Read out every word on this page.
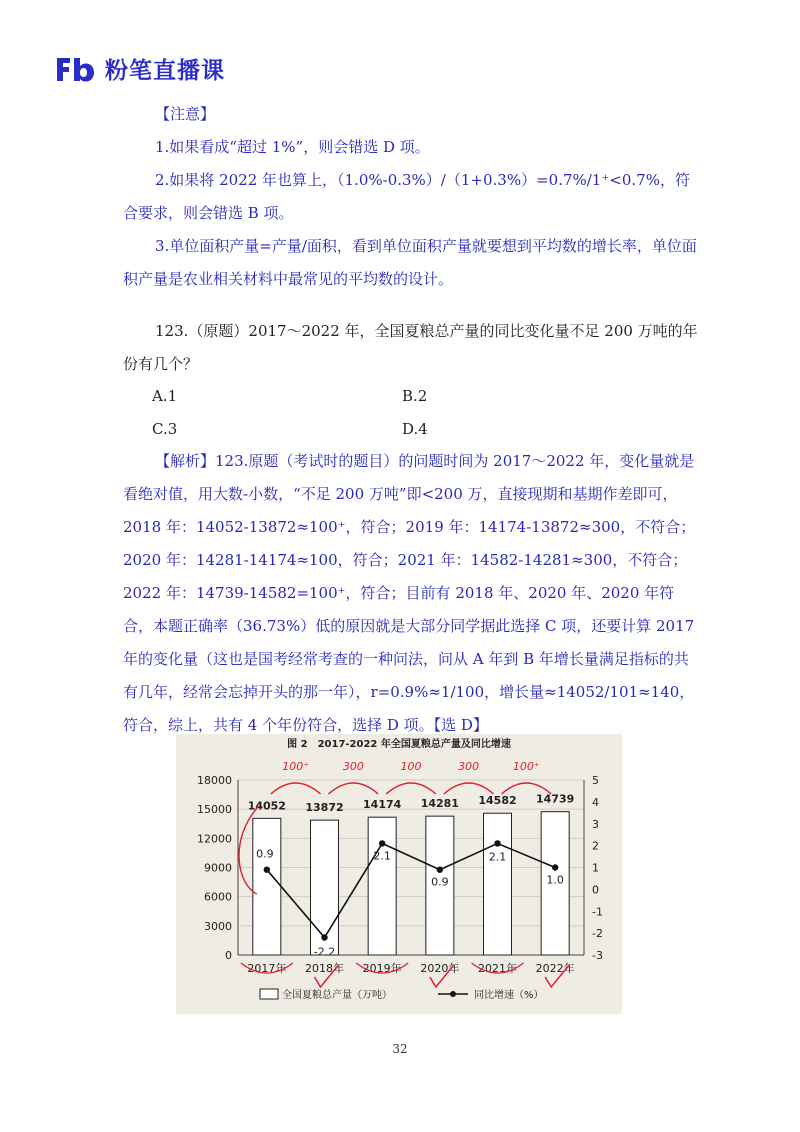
粉笔直播课
【注意】
1.如果看成“超过 1%”，则会错选 D 项。
2.如果将 2022 年也算上，（1.0%-0.3%）/（1+0.3%）=0.7%/1⁺<0.7%，符合要求，则会错选 B 项。
3.单位面积产量=产量/面积，看到单位面积产量就要想到平均数的增长率，单位面积产量是农业相关材料中最常见的平均数的设计。
123.（原题）2017～2022 年，全国夏粮总产量的同比变化量不足 200 万吨的年份有几个？
A.1	B.2
C.3	D.4
【解析】123.原题（考试时的题目）的问题时间为 2017～2022 年，变化量就是看绝对值，用大数-小数，“不足 200 万吨”即<200 万，直接现期和基期作差即可，2018 年：14052-13872≈100⁺，符合；2019 年：14174-13872≈300，不符合；2020 年：14281-14174≈100，符合；2021 年：14582-14281≈300，不符合；2022 年：14739-14582=100⁺，符合；目前有 2018 年、2020 年、2020 年符合，本题正确率（36.73%）低的原因就是大部分同学据此选择 C 项，还要计算 2017 年的变化量（这也是国考经常考查的一种问法，问从 A 年到 B 年增长量满足指标的共有几年，经常会忘掉开头的那一年），r=0.9%≈1/100，增长量≈14052/101≈140，符合，综上，共有 4 个年份符合，选择 D 项。【选 D】
图 2　2017-2022 年全国夏粮总产量及同比增速
0
3000
6000
9000
12000
15000
18000
-3
-2
-1
0
1
2
3
4
5
14052
2017年
13872
2018年
14174
2019年
14281
2020年
14582
2021年
14739
2022年
0.9
-2.2
2.1
0.9
2.1
1.0
全国夏粮总产量（万吨）	同比增速（%）
100⁺	300	100	300	100⁺
32
